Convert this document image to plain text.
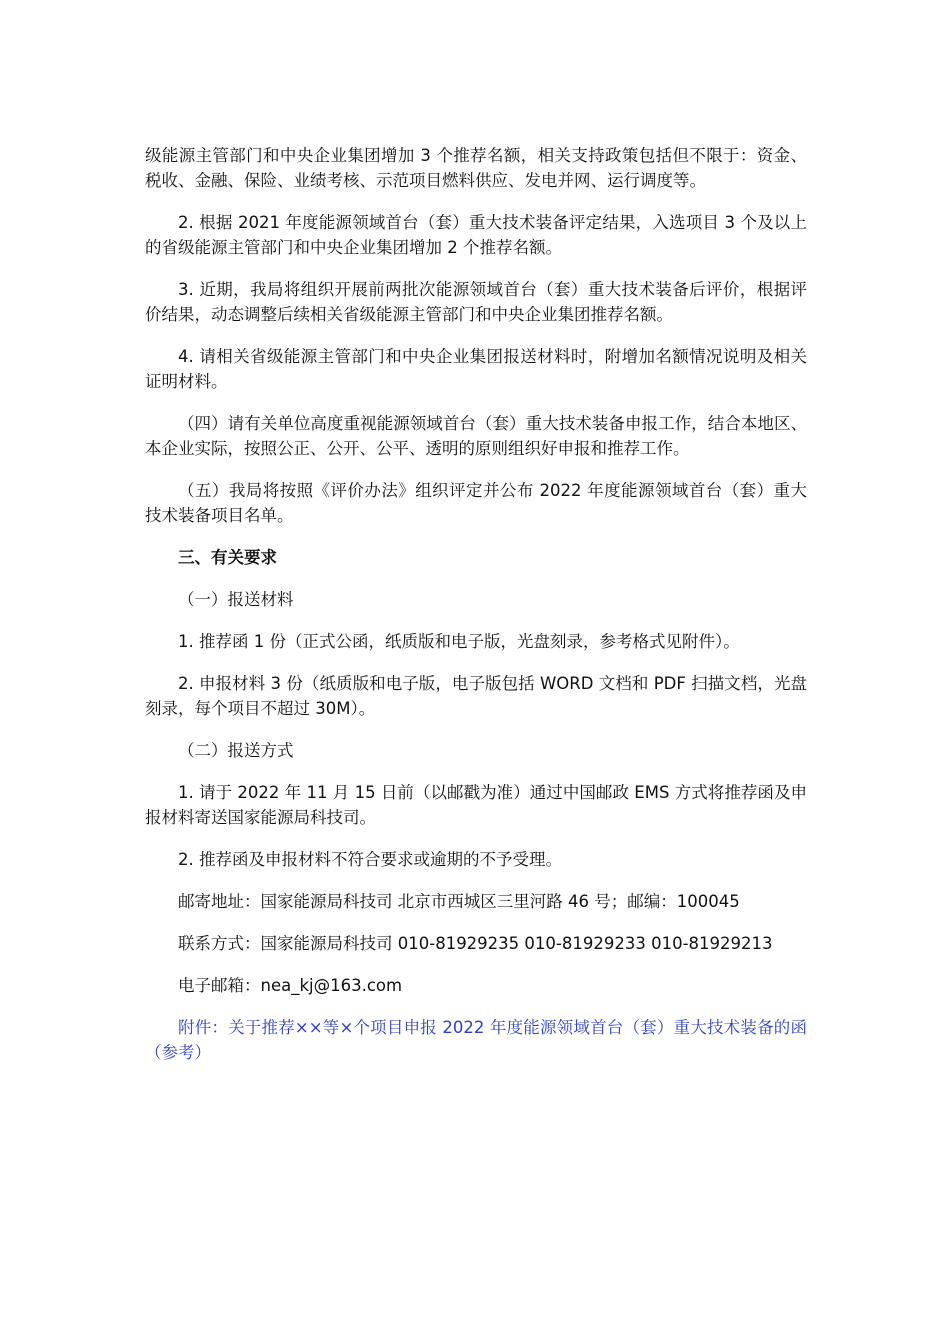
级能源主管部门和中央企业集团增加 3 个推荐名额，相关支持政策包括但不限于：资金、税收、金融、保险、业绩考核、示范项目燃料供应、发电并网、运行调度等。

2. 根据 2021 年度能源领域首台（套）重大技术装备评定结果，入选项目 3 个及以上的省级能源主管部门和中央企业集团增加 2 个推荐名额。

3. 近期，我局将组织开展前两批次能源领域首台（套）重大技术装备后评价，根据评价结果，动态调整后续相关省级能源主管部门和中央企业集团推荐名额。

4. 请相关省级能源主管部门和中央企业集团报送材料时，附增加名额情况说明及相关证明材料。

（四）请有关单位高度重视能源领域首台（套）重大技术装备申报工作，结合本地区、本企业实际，按照公正、公开、公平、透明的原则组织好申报和推荐工作。

（五）我局将按照《评价办法》组织评定并公布 2022 年度能源领域首台（套）重大技术装备项目名单。

三、有关要求

（一）报送材料

1. 推荐函 1 份（正式公函，纸质版和电子版，光盘刻录，参考格式见附件）。

2. 申报材料 3 份（纸质版和电子版，电子版包括 WORD 文档和 PDF 扫描文档，光盘刻录，每个项目不超过 30M）。

（二）报送方式

1. 请于 2022 年 11 月 15 日前（以邮戳为准）通过中国邮政 EMS 方式将推荐函及申报材料寄送国家能源局科技司。

2. 推荐函及申报材料不符合要求或逾期的不予受理。

邮寄地址：国家能源局科技司 北京市西城区三里河路 46 号；邮编：100045

联系方式：国家能源局科技司 010-81929235 010-81929233 010-81929213

电子邮箱：nea_kj@163.com

附件：关于推荐××等×个项目申报 2022 年度能源领域首台（套）重大技术装备的函（参考）
